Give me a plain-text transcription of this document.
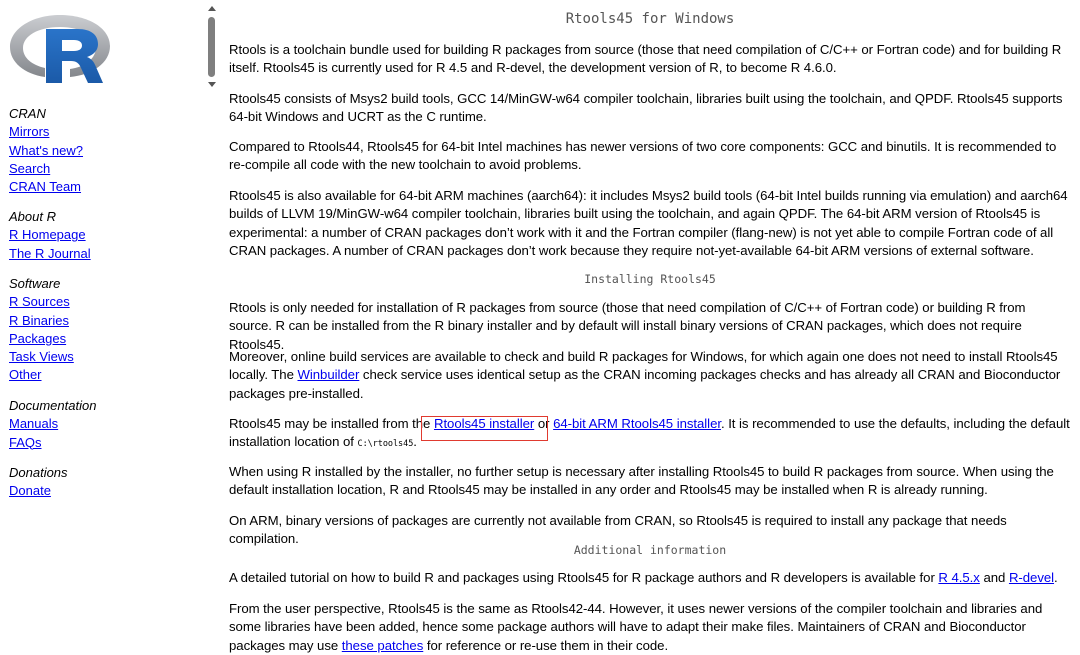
CRAN
Mirrors
What's new?
Search
CRAN Team
About R
R Homepage
The R Journal
Software
R Sources
R Binaries
Packages
Task Views
Other
Documentation
Manuals
FAQs
Donations
Donate
Rtools45 for Windows

Rtools is a toolchain bundle used for building R packages from source (those that need compilation of C/C++ or Fortran code) and for building R itself. Rtools45 is currently used for R 4.5 and R-devel, the development version of R, to become R 4.6.0.

Rtools45 consists of Msys2 build tools, GCC 14/MinGW-w64 compiler toolchain, libraries built using the toolchain, and QPDF. Rtools45 supports 64-bit Windows and UCRT as the C runtime.

Compared to Rtools44, Rtools45 for 64-bit Intel machines has newer versions of two core components: GCC and binutils. It is recommended to re-compile all code with the new toolchain to avoid problems.

Rtools45 is also available for 64-bit ARM machines (aarch64): it includes Msys2 build tools (64-bit Intel builds running via emulation) and aarch64 builds of LLVM 19/MinGW-w64 compiler toolchain, libraries built using the toolchain, and again QPDF. The 64-bit ARM version of Rtools45 is experimental: a number of CRAN packages don’t work with it and the Fortran compiler (flang-new) is not yet able to compile Fortran code of all CRAN packages. A number of CRAN packages don’t work because they require not-yet-available 64-bit ARM versions of external software.

Installing Rtools45

Rtools is only needed for installation of R packages from source (those that need compilation of C/C++ of Fortran code) or building R from source. R can be installed from the R binary installer and by default will install binary versions of CRAN packages, which does not require Rtools45.

Moreover, online build services are available to check and build R packages for Windows, for which again one does not need to install Rtools45 locally. The Winbuilder check service uses identical setup as the CRAN incoming packages checks and has already all CRAN and Bioconductor packages pre-installed.

Rtools45 may be installed from the Rtools45 installer or 64-bit ARM Rtools45 installer. It is recommended to use the defaults, including the default installation location of C:\rtools45.

When using R installed by the installer, no further setup is necessary after installing Rtools45 to build R packages from source. When using the default installation location, R and Rtools45 may be installed in any order and Rtools45 may be installed when R is already running.

On ARM, binary versions of packages are currently not available from CRAN, so Rtools45 is required to install any package that needs compilation.

Additional information

A detailed tutorial on how to build R and packages using Rtools45 for R package authors and R developers is available for R 4.5.x and R-devel.

From the user perspective, Rtools45 is the same as Rtools42-44. However, it uses newer versions of the compiler toolchain and libraries and some libraries have been added, hence some package authors will have to adapt their make files. Maintainers of CRAN and Bioconductor packages may use these patches for reference or re-use them in their code.
